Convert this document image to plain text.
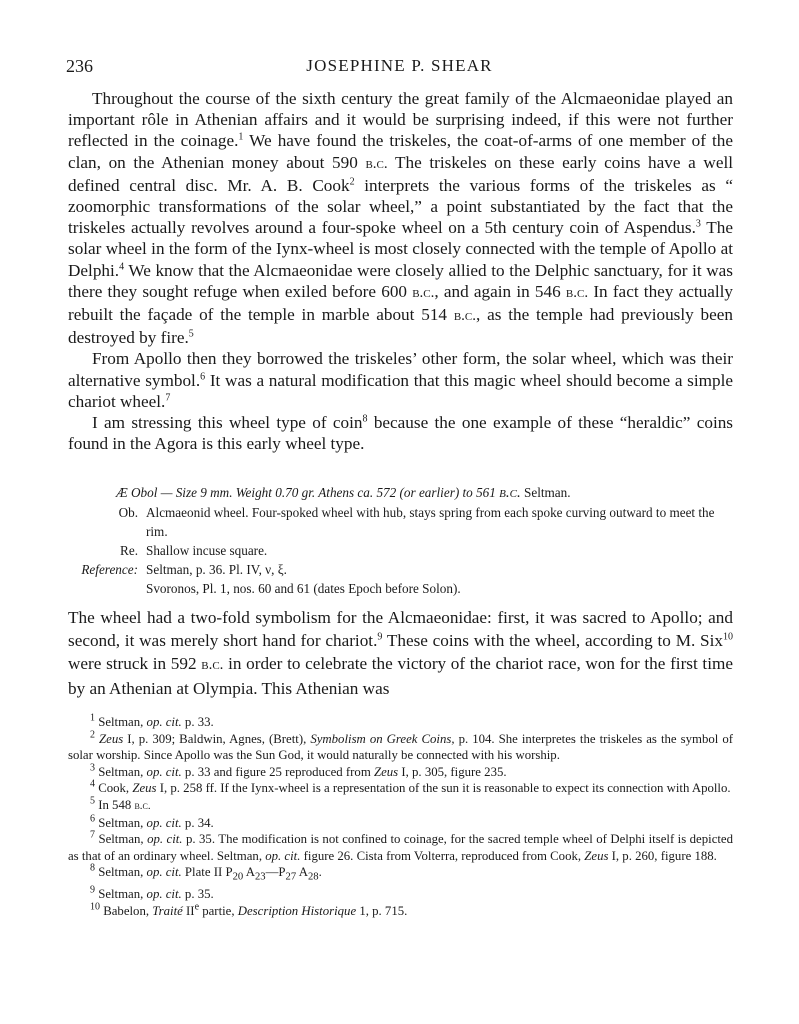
236	JOSEPHINE P. SHEAR

Throughout the course of the sixth century the great family of the Alcmaeonidae played an important rôle in Athenian affairs and it would be surprising indeed, if this were not further reflected in the coinage.$^1$ We have found the triskeles, the coat-of-arms of one member of the clan, on the Athenian money about 590 b.c. The triskeles on these early coins have a well defined central disc. Mr. A. B. Cook$^2$ interprets the various forms of the triskeles as “ zoomorphic transformations of the solar wheel,” a point substantiated by the fact that the triskeles actually revolves around a four-spoke wheel on a 5th century coin of Aspendus.$^3$ The solar wheel in the form of the Iynx-wheel is most closely connected with the temple of Apollo at Delphi.$^4$ We know that the Alcmaeonidae were closely allied to the Delphic sanctuary, for it was there they sought refuge when exiled before 600 b.c., and again in 546 b.c. In fact they actually rebuilt the façade of the temple in marble about 514 b.c., as the temple had previously been destroyed by fire.$^5$

From Apollo then they borrowed the triskeles’ other form, the solar wheel, which was their alternative symbol.$^6$ It was a natural modification that this magic wheel should become a simple chariot wheel.$^7$

I am stressing this wheel type of coin$^8$ because the one example of these “heraldic” coins found in the Agora is this early wheel type.

Æ Obol — Size 9 mm. Weight 0.70 gr. Athens ca. 572 (or earlier) to 561 b.c. Seltman.
Ob. Alcmaeonid wheel. Four-spoked wheel with hub, stays spring from each spoke curving outward to meet the rim.
Re. Shallow incuse square.
Reference: Seltman, p. 36. Pl. IV, ν, ξ.
Svoronos, Pl. 1, nos. 60 and 61 (dates Epoch before Solon).

The wheel had a two-fold symbolism for the Alcmaeonidae: first, it was sacred to Apollo; and second, it was merely short hand for chariot.$^9$ These coins with the wheel, according to M. Six$^{10}$ were struck in 592 b.c. in order to celebrate the victory of the chariot race, won for the first time by an Athenian at Olympia. This Athenian was

$^1$ Seltman, op. cit. p. 33.

$^2$ Zeus I, p. 309; Baldwin, Agnes, (Brett), Symbolism on Greek Coins, p. 104. She interpretes the triskeles as the symbol of solar worship. Since Apollo was the Sun God, it would naturally be connected with his worship.

$^3$ Seltman, op. cit. p. 33 and figure 25 reproduced from Zeus I, p. 305, figure 235.

$^4$ Cook, Zeus I, p. 258 ff. If the Iynx-wheel is a representation of the sun it is reasonable to expect its connection with Apollo.

$^5$ In 548 b.c.

$^6$ Seltman, op. cit. p. 34.

$^7$ Seltman, op. cit. p. 35. The modification is not confined to coinage, for the sacred temple wheel of Delphi itself is depicted as that of an ordinary wheel. Seltman, op. cit. figure 26. Cista from Volterra, reproduced from Cook, Zeus I, p. 260, figure 188.

$^8$ Seltman, op. cit. Plate II $P_{20}$ $A_{23}—P_{27}$ $A_{28}$.

$^9$ Seltman, op. cit. p. 35.

$^{10}$ Babelon, Traité IIe partie, Description Historique 1, p. 715.
